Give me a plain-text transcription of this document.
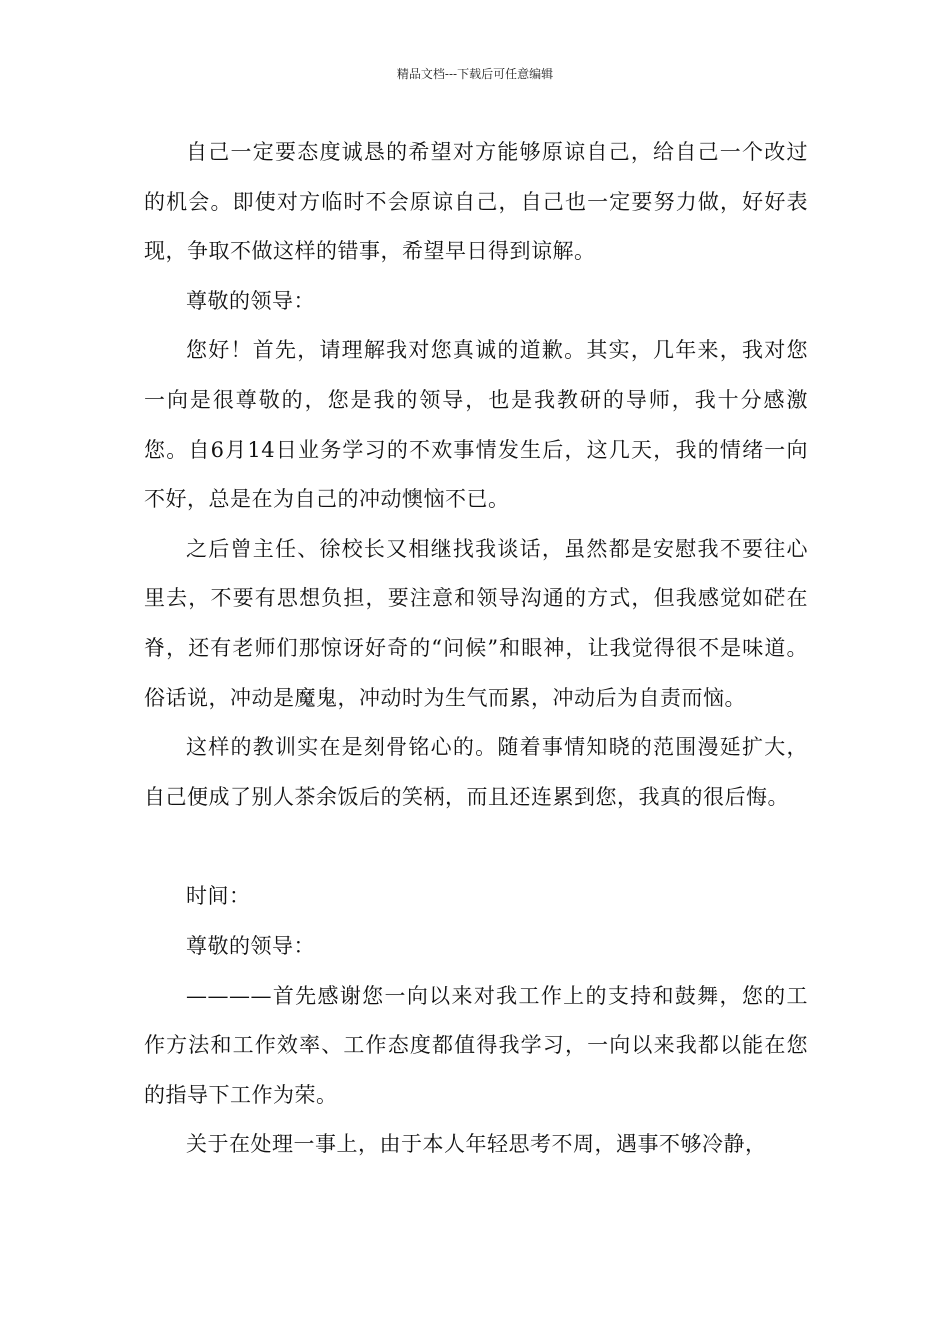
精品文档---下载后可任意编辑

自己一定要态度诚恳的希望对方能够原谅自己，给自己一个改过的机会。即使对方临时不会原谅自己，自己也一定要努力做，好好表现，争取不做这样的错事，希望早日得到谅解。

尊敬的领导：

您好！首先，请理解我对您真诚的道歉。其实，几年来，我对您一向是很尊敬的，您是我的领导，也是我教研的导师，我十分感激您。自6月14日业务学习的不欢事情发生后，这几天，我的情绪一向不好，总是在为自己的冲动懊恼不已。

之后曾主任、徐校长又相继找我谈话，虽然都是安慰我不要往心里去，不要有思想负担，要注意和领导沟通的方式，但我感觉如硭在脊，还有老师们那惊讶好奇的“问候”和眼神，让我觉得很不是味道。俗话说，冲动是魔鬼，冲动时为生气而累，冲动后为自责而恼。

这样的教训实在是刻骨铭心的。随着事情知晓的范围漫延扩大，自己便成了别人茶余饭后的笑柄，而且还连累到您，我真的很后悔。

时间：

尊敬的领导：

————首先感谢您一向以来对我工作上的支持和鼓舞，您的工作方法和工作效率、工作态度都值得我学习，一向以来我都以能在您的指导下工作为荣。

关于在处理一事上，由于本人年轻思考不周，遇事不够冷静，
